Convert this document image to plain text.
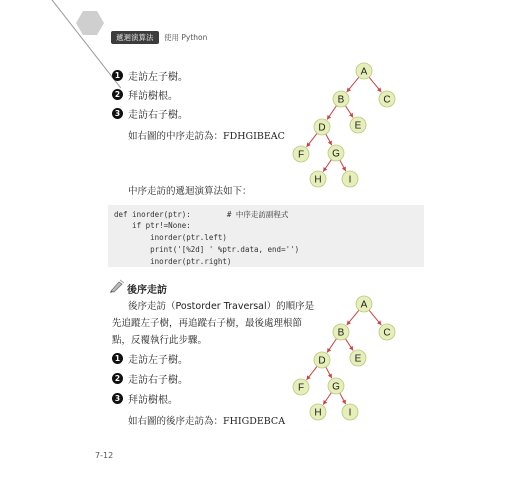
遞迴演算法	使用 Python
1 走訪左子樹。
2 拜訪樹根。
3 走訪右子樹。
如右圖的中序走訪為：FDHGIBEAC
中序走訪的遞迴演算法如下：
def inorder(ptr):        # 中序走訪副程式
if ptr!=None:
inorder(ptr.left)
print('[%2d] ' %ptr.data, end='')
inorder(ptr.right)
後序走訪
後序走訪（Postorder Traversal）的順序是
先追蹤左子樹，再追蹤右子樹，最後處理根節
點，反覆執行此步驟。
1 走訪左子樹。
2 走訪右子樹。
3 拜訪樹根。
如右圖的後序走訪為：FHIGDEBCA
A
B	C
D	E
F	G
H	I
A
B	C
D	E
F	G
H	I
7-12
